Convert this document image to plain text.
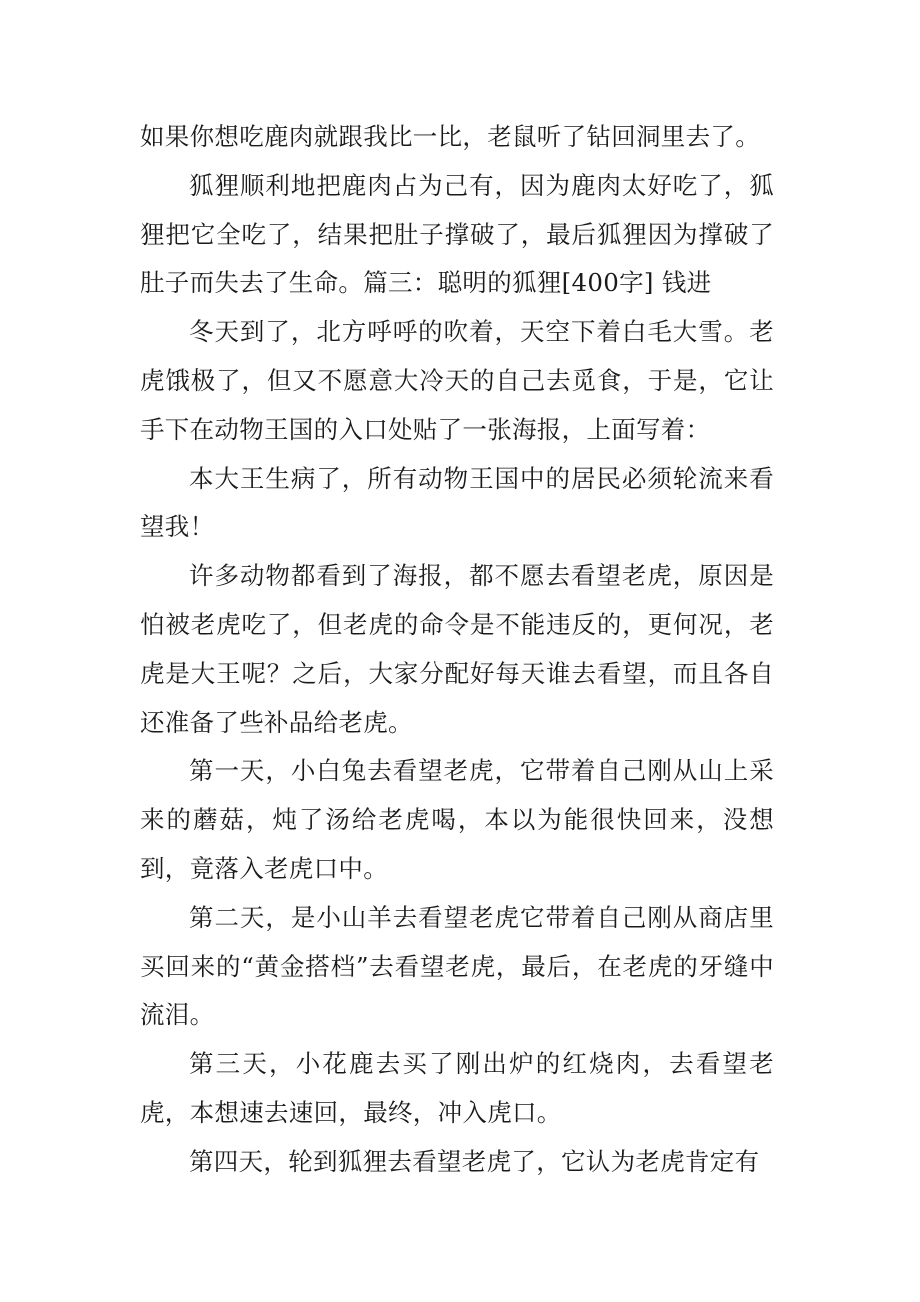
如果你想吃鹿肉就跟我比一比，老鼠听了钻回洞里去了。

狐狸顺利地把鹿肉占为己有，因为鹿肉太好吃了，狐狸把它全吃了，结果把肚子撑破了，最后狐狸因为撑破了肚子而失去了生命。篇三：聪明的狐狸[400字] 钱进

冬天到了，北方呼呼的吹着，天空下着白毛大雪。老虎饿极了，但又不愿意大冷天的自己去觅食，于是，它让手下在动物王国的入口处贴了一张海报，上面写着：

本大王生病了，所有动物王国中的居民必须轮流来看望我！

许多动物都看到了海报，都不愿去看望老虎，原因是怕被老虎吃了，但老虎的命令是不能违反的，更何况，老虎是大王呢？之后，大家分配好每天谁去看望，而且各自还准备了些补品给老虎。

第一天，小白兔去看望老虎，它带着自己刚从山上采来的蘑菇，炖了汤给老虎喝，本以为能很快回来，没想到，竟落入老虎口中。

第二天，是小山羊去看望老虎它带着自己刚从商店里买回来的“黄金搭档”去看望老虎，最后，在老虎的牙缝中流泪。

第三天，小花鹿去买了刚出炉的红烧肉，去看望老虎，本想速去速回，最终，冲入虎口。

第四天，轮到狐狸去看望老虎了，它认为老虎肯定有
